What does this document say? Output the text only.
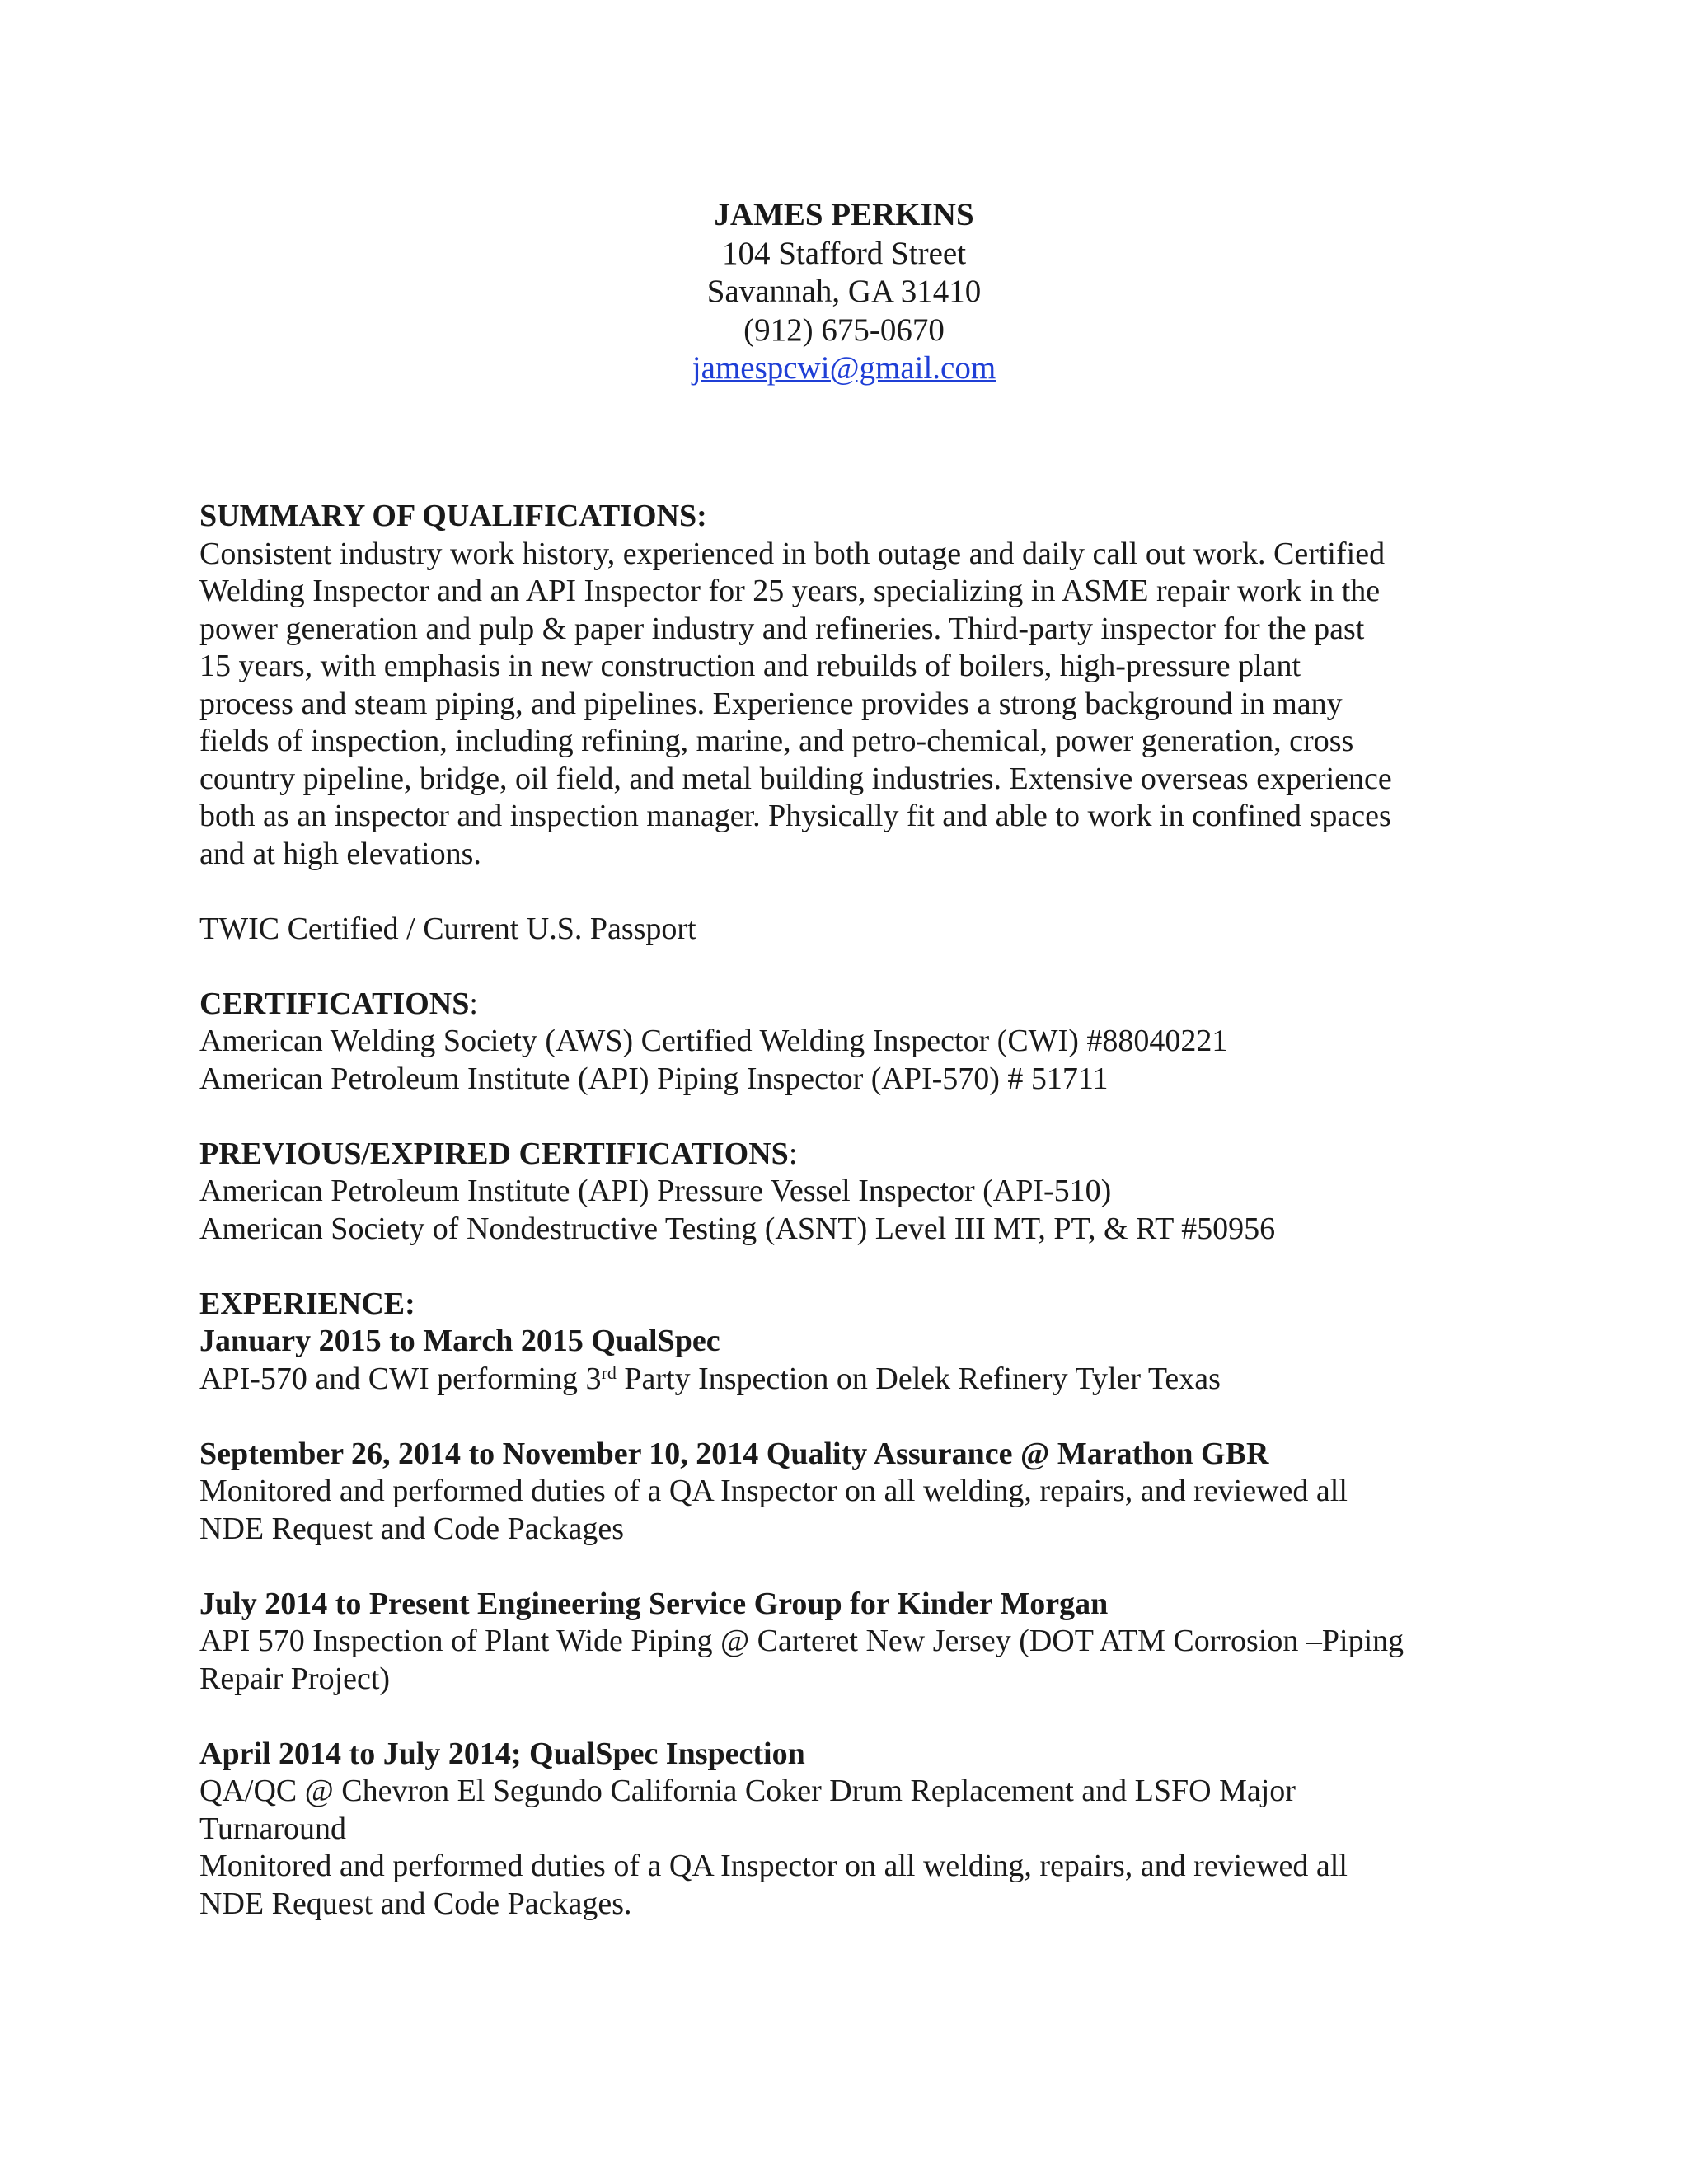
JAMES PERKINS
104 Stafford Street
Savannah, GA 31410
(912) 675-0670
jamespcwi@gmail.com

SUMMARY OF QUALIFICATIONS:

Consistent industry work history, experienced in both outage and daily call out work. Certified

Welding Inspector and an API Inspector for 25 years, specializing in ASME repair work in the

power generation and pulp & paper industry and refineries. Third-party inspector for the past

15 years, with emphasis in new construction and rebuilds of boilers, high-pressure plant

process and steam piping, and pipelines. Experience provides a strong background in many

fields of inspection, including refining, marine, and petro-chemical, power generation, cross

country pipeline, bridge, oil field, and metal building industries. Extensive overseas experience

both as an inspector and inspection manager. Physically fit and able to work in confined spaces

and at high elevations.

TWIC Certified / Current U.S. Passport

CERTIFICATIONS:

American Welding Society (AWS) Certified Welding Inspector (CWI) #88040221

American Petroleum Institute (API) Piping Inspector (API-570) # 51711

PREVIOUS/EXPIRED CERTIFICATIONS:

American Petroleum Institute (API) Pressure Vessel Inspector (API-510)

American Society of Nondestructive Testing (ASNT) Level III MT, PT, & RT #50956

EXPERIENCE:

January 2015 to March 2015 QualSpec

API-570 and CWI performing 3rd Party Inspection on Delek Refinery Tyler Texas

September 26, 2014 to November 10, 2014 Quality Assurance @ Marathon GBR

Monitored and performed duties of a QA Inspector on all welding, repairs, and reviewed all

NDE Request and Code Packages

July 2014 to Present Engineering Service Group for Kinder Morgan

API 570 Inspection of Plant Wide Piping @ Carteret New Jersey (DOT ATM Corrosion –Piping

Repair Project)

April 2014 to July 2014; QualSpec Inspection

QA/QC @ Chevron El Segundo California Coker Drum Replacement and LSFO Major

Turnaround

Monitored and performed duties of a QA Inspector on all welding, repairs, and reviewed all

NDE Request and Code Packages.
